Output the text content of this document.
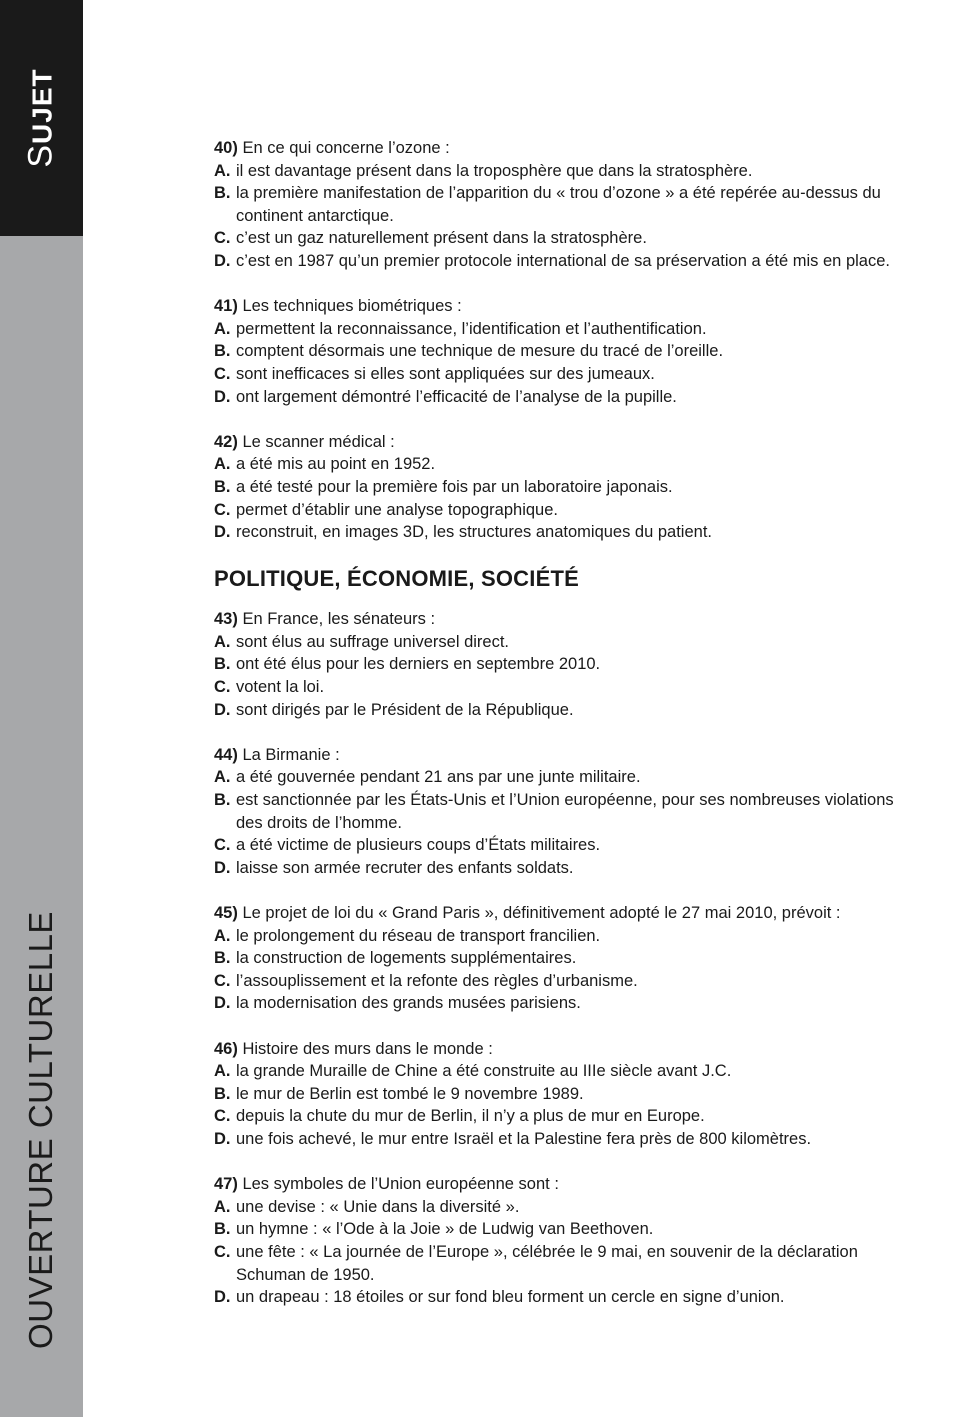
SUJET
OUVERTURE CULTURELLE
40) En ce qui concerne l’ozone :
A. il est davantage présent dans la troposphère que dans la stratosphère.
B. la première manifestation de l’apparition du « trou d’ozone » a été repérée au-dessus du continent antarctique.
C. c’est un gaz naturellement présent dans la stratosphère.
D. c’est en 1987 qu’un premier protocole international de sa préservation a été mis en place.
41) Les techniques biométriques :
A. permettent la reconnaissance, l’identification et l’authentification.
B. comptent désormais une technique de mesure du tracé de l’oreille.
C. sont inefficaces si elles sont appliquées sur des jumeaux.
D. ont largement démontré l’efficacité de l’analyse de la pupille.
42) Le scanner médical :
A. a été mis au point en 1952.
B. a été testé pour la première fois par un laboratoire japonais.
C. permet d’établir une analyse topographique.
D. reconstruit, en images 3D, les structures anatomiques du patient.
POLITIQUE, ÉCONOMIE, SOCIÉTÉ
43) En France, les sénateurs :
A. sont élus au suffrage universel direct.
B. ont été élus pour les derniers en septembre 2010.
C. votent la loi.
D. sont dirigés par le Président de la République.
44) La Birmanie :
A. a été gouvernée pendant 21 ans par une junte militaire.
B. est sanctionnée par les États-Unis et l’Union européenne, pour ses nombreuses violations des droits de l’homme.
C. a été victime de plusieurs coups d’États militaires.
D. laisse son armée recruter des enfants soldats.
45) Le projet de loi du « Grand Paris », définitivement adopté le 27 mai 2010, prévoit :
A. le prolongement du réseau de transport francilien.
B. la construction de logements supplémentaires.
C. l’assouplissement et la refonte des règles d’urbanisme.
D. la modernisation des grands musées parisiens.
46) Histoire des murs dans le monde :
A. la grande Muraille de Chine a été construite au IIIe siècle avant J.C.
B. le mur de Berlin est tombé le 9 novembre 1989.
C. depuis la chute du mur de Berlin, il n’y a plus de mur en Europe.
D. une fois achevé, le mur entre Israël et la Palestine fera près de 800 kilomètres.
47) Les symboles de l’Union européenne sont :
A. une devise : « Unie dans la diversité ».
B. un hymne : « l’Ode à la Joie » de Ludwig van Beethoven.
C. une fête : « La journée de l’Europe », célébrée le 9 mai, en souvenir de la déclaration Schuman de 1950.
D. un drapeau : 18 étoiles or sur fond bleu forment un cercle en signe d’union.
